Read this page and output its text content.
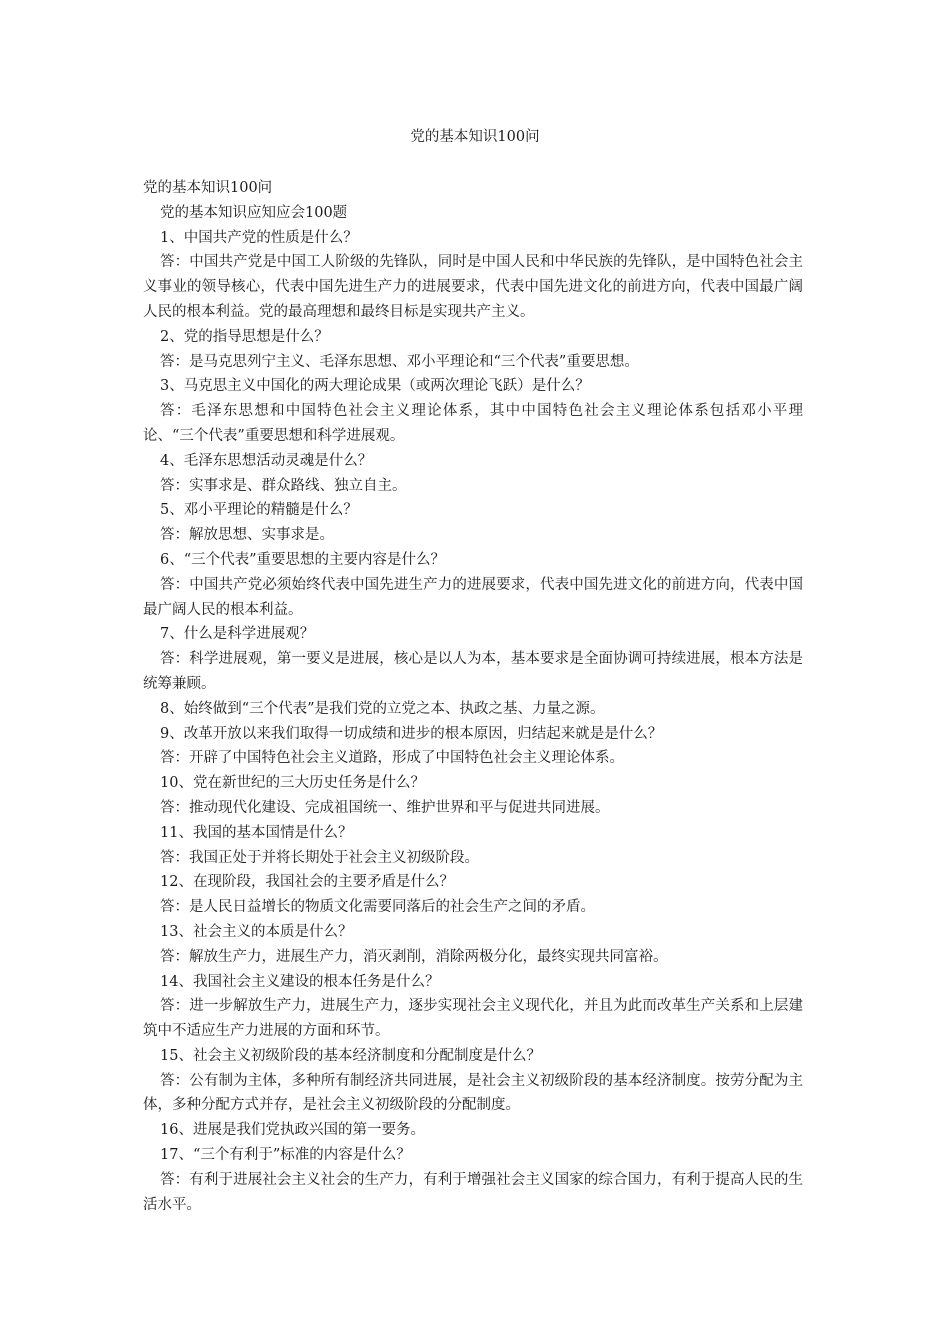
党的基本知识100问

党的基本知识100问

党的基本知识应知应会100题

1、中国共产党的性质是什么？

答：中国共产党是中国工人阶级的先锋队，同时是中国人民和中华民族的先锋队，是中国特色社会主义事业的领导核心，代表中国先进生产力的进展要求，代表中国先进文化的前进方向，代表中国最广阔人民的根本利益。党的最高理想和最终目标是实现共产主义。

2、党的指导思想是什么？

答：是马克思列宁主义、毛泽东思想、邓小平理论和“三个代表”重要思想。

3、马克思主义中国化的两大理论成果（或两次理论飞跃）是什么？

答：毛泽东思想和中国特色社会主义理论体系，其中中国特色社会主义理论体系包括邓小平理论、“三个代表”重要思想和科学进展观。

4、毛泽东思想活动灵魂是什么？

答：实事求是、群众路线、独立自主。

5、邓小平理论的精髓是什么？

答：解放思想、实事求是。

6、“三个代表”重要思想的主要内容是什么？

答：中国共产党必须始终代表中国先进生产力的进展要求，代表中国先进文化的前进方向，代表中国最广阔人民的根本利益。

7、什么是科学进展观？

答：科学进展观，第一要义是进展，核心是以人为本，基本要求是全面协调可持续进展，根本方法是统筹兼顾。

8、始终做到“三个代表”是我们党的立党之本、执政之基、力量之源。

9、改革开放以来我们取得一切成绩和进步的根本原因，归结起来就是是什么？

答：开辟了中国特色社会主义道路，形成了中国特色社会主义理论体系。

10、党在新世纪的三大历史任务是什么？

答：推动现代化建设、完成祖国统一、维护世界和平与促进共同进展。

11、我国的基本国情是什么？

答：我国正处于并将长期处于社会主义初级阶段。

12、在现阶段，我国社会的主要矛盾是什么？

答：是人民日益增长的物质文化需要同落后的社会生产之间的矛盾。

13、社会主义的本质是什么？

答：解放生产力，进展生产力，消灭剥削，消除两极分化，最终实现共同富裕。

14、我国社会主义建设的根本任务是什么？

答：进一步解放生产力，进展生产力，逐步实现社会主义现代化，并且为此而改革生产关系和上层建筑中不适应生产力进展的方面和环节。

15、社会主义初级阶段的基本经济制度和分配制度是什么？

答：公有制为主体，多种所有制经济共同进展，是社会主义初级阶段的基本经济制度。按劳分配为主体，多种分配方式并存，是社会主义初级阶段的分配制度。

16、进展是我们党执政兴国的第一要务。

17、“三个有利于”标准的内容是什么？

答：有利于进展社会主义社会的生产力，有利于增强社会主义国家的综合国力，有利于提高人民的生活水平。
